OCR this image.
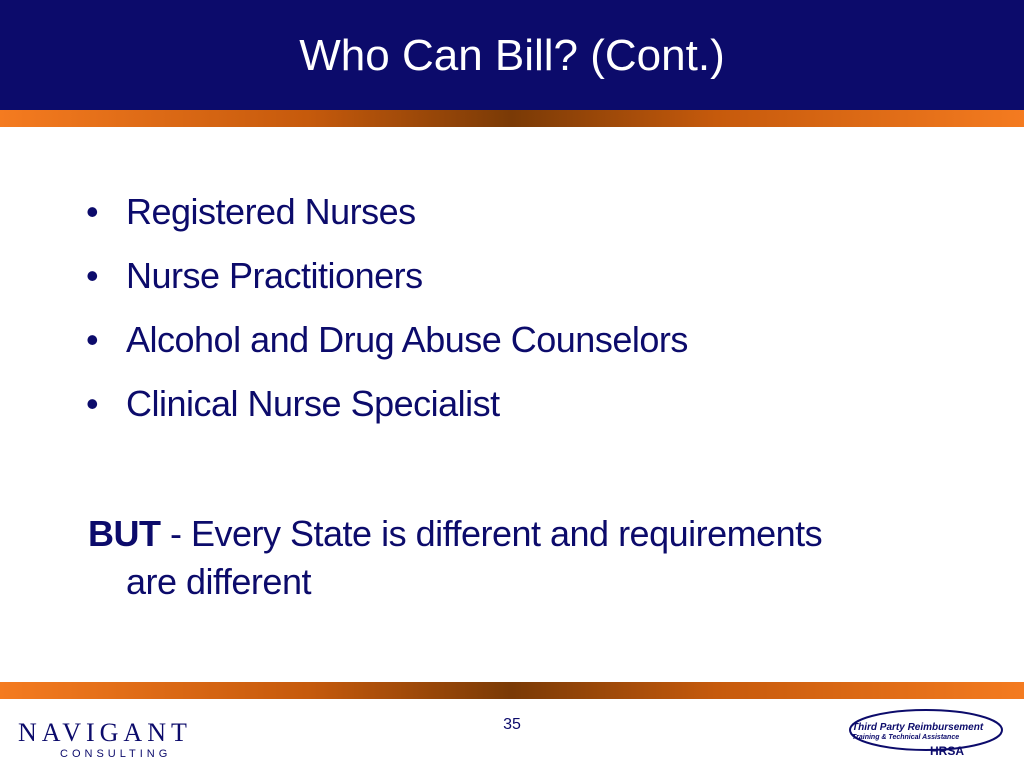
Who Can Bill? (Cont.)
• Registered Nurses
• Nurse Practitioners
• Alcohol and Drug Abuse Counselors
• Clinical Nurse Specialist
BUT - Every State is different and requirements
are different
NAVIGANT
CONSULTING
35	Third Party Reimbursement
Training & Technical Assistance
HRSA
